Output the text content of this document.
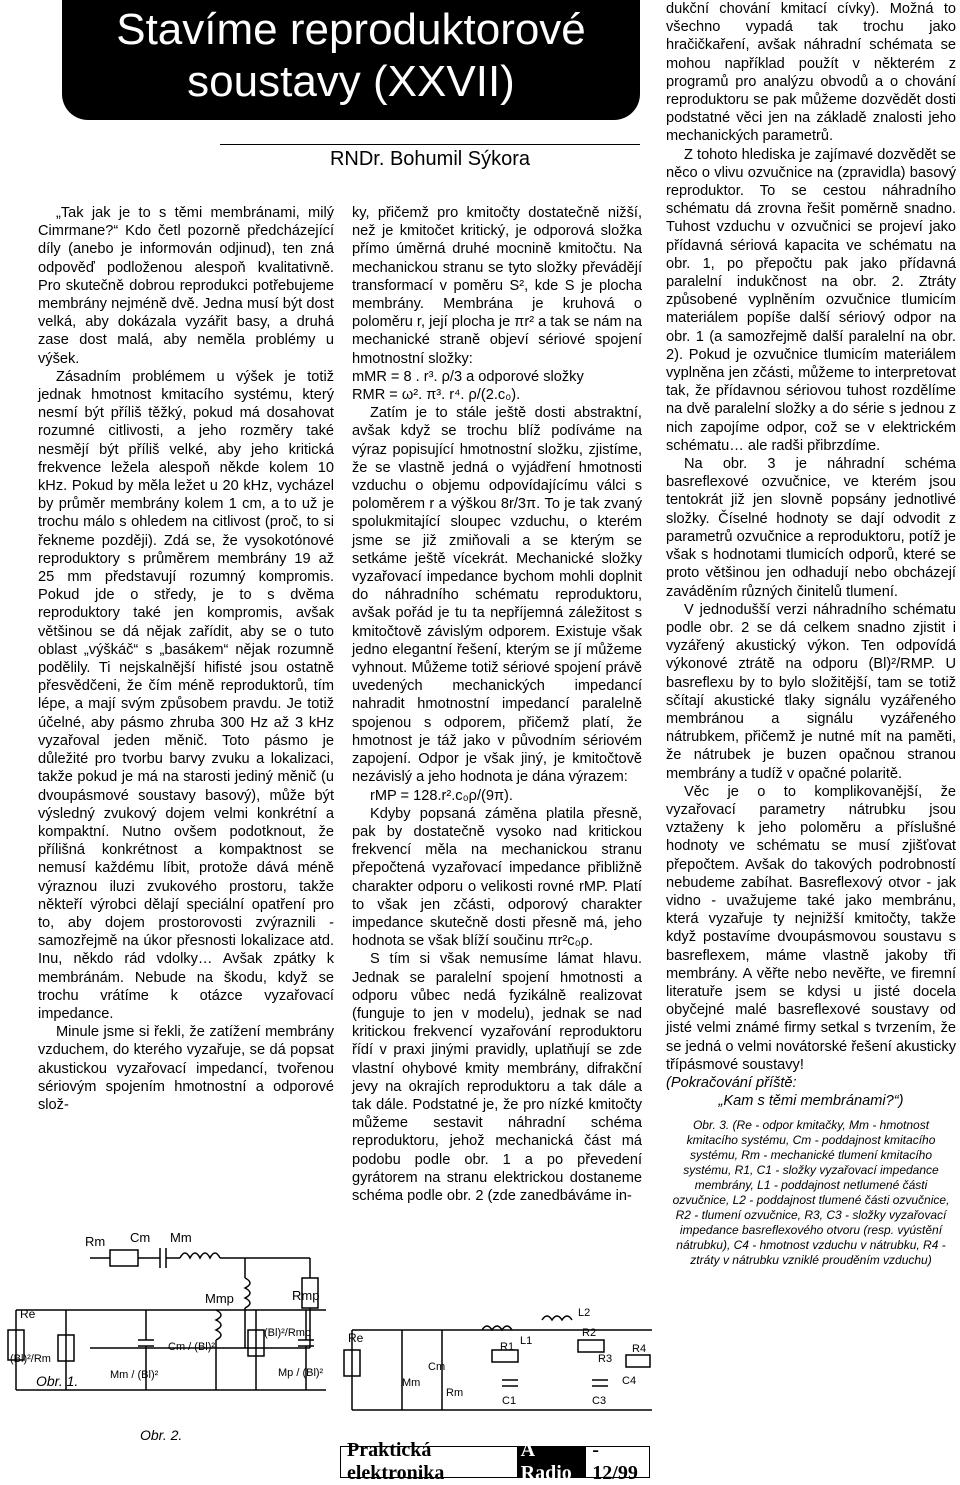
Stavíme reproduktorové
soustavy (XXVII)
RNDr. Bohumil Sýkora

„Tak jak je to s těmi membránami, milý Cimrmane?“ Kdo četl pozorně předcházející díly (anebo je informován odjinud), ten zná odpověď podloženou alespoň kvalitativně. Pro skutečně dobrou reprodukci potřebujeme membrány nejméně dvě. Jedna musí být dost velká, aby dokázala vyzářit basy, a druhá zase dost malá, aby neměla problémy u výšek.

Zásadním problémem u výšek je totiž jednak hmotnost kmitacího systému, který nesmí být příliš těžký, pokud má dosahovat rozumné citlivosti, a jeho rozměry také nesmějí být příliš velké, aby jeho kritická frekvence ležela alespoň někde kolem 10 kHz. Pokud by měla ležet u 20 kHz, vycházel by průměr membrány kolem 1 cm, a to už je trochu málo s ohledem na citlivost (proč, to si řekneme později). Zdá se, že vysokotónové reproduktory s průměrem membrány 19 až 25 mm představují rozumný kompromis. Pokud jde o středy, je to s dvěma reproduktory také jen kompromis, avšak většinou se dá nějak zařídit, aby se o tuto oblast „výškáč“ s „basákem“ nějak rozumně podělily. Ti nejskalnější hifisté jsou ostatně přesvědčeni, že čím méně reproduktorů, tím lépe, a mají svým způsobem pravdu. Je totiž účelné, aby pásmo zhruba 300 Hz až 3 kHz vyzařoval jeden měnič. Toto pásmo je důležité pro tvorbu barvy zvuku a lokalizaci, takže pokud je má na starosti jediný měnič (u dvoupásmové soustavy basový), může být výsledný zvukový dojem velmi konkrétní a kompaktní. Nutno ovšem podotknout, že přílišná konkrétnost a kompaktnost se nemusí každému líbit, protože dává méně výraznou iluzi zvukového prostoru, takže někteří výrobci dělají speciální opatření pro to, aby dojem prostorovosti zvýraznili - samozřejmě na úkor přesnosti lokalizace atd. Inu, někdo rád vdolky… Avšak zpátky k membránám. Nebude na škodu, když se trochu vrátíme k otázce vyzařovací impedance.

Minule jsme si řekli, že zatížení membrány vzduchem, do kterého vyzařuje, se dá popsat akustickou vyzařovací impedancí, tvořenou sériovým spojením hmotnostní a odporové slož-

ky, přičemž pro kmitočty dostatečně nižší, než je kmitočet kritický, je odporová složka přímo úměrná druhé mocnině kmitočtu. Na mechanickou stranu se tyto složky převádějí transformací v poměru S², kde S je plocha membrány. Membrána je kruhová o poloměru r, její plocha je πr² a tak se nám na mechanické straně objeví sériové spojení hmotnostní složky:

mMR = 8 . r³. ρ/3 a odporové složky

RMR = ω². π³. r⁴. ρ/(2.c₀).

Zatím je to stále ještě dosti abstraktní, avšak když se trochu blíž podíváme na výraz popisující hmotnostní složku, zjistíme, že se vlastně jedná o vyjádření hmotnosti vzduchu o objemu odpovídajícímu válci s poloměrem r a výškou 8r/3π. To je tak zvaný spolukmitající sloupec vzduchu, o kterém jsme se již zmiňovali a se kterým se setkáme ještě vícekrát. Mechanické složky vyzařovací impedance bychom mohli doplnit do náhradního schématu reproduktoru, avšak pořád je tu ta nepříjemná záležitost s kmitočtově závislým odporem. Existuje však jedno elegantní řešení, kterým se jí můžeme vyhnout. Můžeme totiž sériové spojení právě uvedených mechanických impedancí nahradit hmotnostní impedancí paralelně spojenou s odporem, přičemž platí, že hmotnost je táž jako v původním sériovém zapojení. Odpor je však jiný, je kmitočtově nezávislý a jeho hodnota je dána výrazem:

rMP = 128.r².c₀ρ/(9π).

Kdyby popsaná záměna platila přesně, pak by dostatečně vysoko nad kritickou frekvencí měla na mechanickou stranu přepočtená vyzařovací impedance přibližně charakter odporu o velikosti rovné rMP. Platí to však jen zčásti, odporový charakter impedance skutečně dosti přesně má, jeho hodnota se však blíží součinu πr²c₀ρ.

S tím si však nemusíme lámat hlavu. Jednak se paralelní spojení hmotnosti a odporu vůbec nedá fyzikálně realizovat (funguje to jen v modelu), jednak se nad kritickou frekvencí vyzařování reproduktoru řídí v praxi jinými pravidly, uplatňují se zde vlastní ohybové kmity membrány, difrakční jevy na okrajích reproduktoru a tak dále a tak dále. Podstatné je, že pro nízké kmitočty můžeme sestavit náhradní schéma reproduktoru, jehož mechanická část má podobu podle obr. 1 a po převedení gyrátorem na stranu elektrickou dostaneme schéma podle obr. 2 (zde zanedbáváme in-

dukční chování kmitací cívky). Možná to všechno vypadá tak trochu jako hračičkaření, avšak náhradní schémata se mohou například použít v některém z programů pro analýzu obvodů a o chování reproduktoru se pak můžeme dozvědět dosti podstatné věci jen na základě znalosti jeho mechanických parametrů.

Z tohoto hlediska je zajímavé dozvědět se něco o vlivu ozvučnice na (zpravidla) basový reproduktor. To se cestou náhradního schématu dá zrovna řešit poměrně snadno. Tuhost vzduchu v ozvučnici se projeví jako přídavná sériová kapacita ve schématu na obr. 1, po přepočtu pak jako přídavná paralelní indukčnost na obr. 2. Ztráty způsobené vyplněním ozvučnice tlumicím materiálem popíše další sériový odpor na obr. 1 (a samozřejmě další paralelní na obr. 2). Pokud je ozvučnice tlumicím materiálem vyplněna jen zčásti, můžeme to interpretovat tak, že přídavnou sériovou tuhost rozdělíme na dvě paralelní složky a do série s jednou z nich zapojíme odpor, což se v elektrickém schématu… ale radši přibrzdíme.

Na obr. 3 je náhradní schéma basreflexové ozvučnice, ve kterém jsou tentokrát již jen slovně popsány jednotlivé složky. Číselné hodnoty se dají odvodit z parametrů ozvučnice a reproduktoru, potíž je však s hodnotami tlumicích odporů, které se proto většinou jen odhadují nebo obcházejí zaváděním různých činitelů tlumení.

V jednodušší verzi náhradního schématu podle obr. 2 se dá celkem snadno zjistit i vyzářený akustický výkon. Ten odpovídá výkonové ztrátě na odporu (Bl)²/RMP. U basreflexu by to bylo složitější, tam se totiž sčítají akustické tlaky signálu vyzářeného membránou a signálu vyzářeného nátrubkem, přičemž je nutné mít na paměti, že nátrubek je buzen opačnou stranou membrány a tudíž v opačné polaritě.

Věc je o to komplikovanější, že vyzařovací parametry nátrubku jsou vztaženy k jeho poloměru a příslušné hodnoty ve schématu se musí zjišťovat přepočtem. Avšak do takových podrobností nebudeme zabíhat. Basreflexový otvor - jak vidno - uvažujeme také jako membránu, která vyzařuje ty nejnižší kmitočty, takže když postavíme dvoupásmovou soustavu s basreflexem, máme vlastně jakoby tři membrány. A věřte nebo nevěřte, ve firemní literatuře jsem se kdysi u jisté docela obyčejné malé basreflexové soustavy od jisté velmi známé firmy setkal s tvrzením, že se jedná o velmi novátorské řešení akusticky třípásmové soustavy!

(Pokračování příště:

„Kam s těmi membránami?“)

Obr. 3. (Re - odpor kmitačky, Mm - hmotnost kmitacího systému, Cm - poddajnost kmitacího systému, Rm - mechanické tlumení kmitacího systému, R1, C1 - složky vyzařovací impedance membrány, L1 - poddajnost netlumené části ozvučnice, L2 - poddajnost tlumené části ozvučnice, R2 - tlumení ozvučnice, R3, C3 - složky vyzařovací impedance basreflexového otvoru (resp. vyústění nátrubku), C4 - hmotnost vzduchu v nátrubku, R4 - ztráty v nátrubku vzniklé prouděním vzduchu)
Rm Cm Mm
Mmp	Rmp
Obr. 1.
Re
(Bl)²/Rm
Mm / (Bl)²
Cm / (Bl)²
(Bl)²/Rmp
Mp / (Bl)²
Obr. 2.
Re
Mm
Cm
Rm
L1
L2
R1
R2
R3
R4
C1	C3
C4
Praktická elektronika
A Radio
- 12/99
